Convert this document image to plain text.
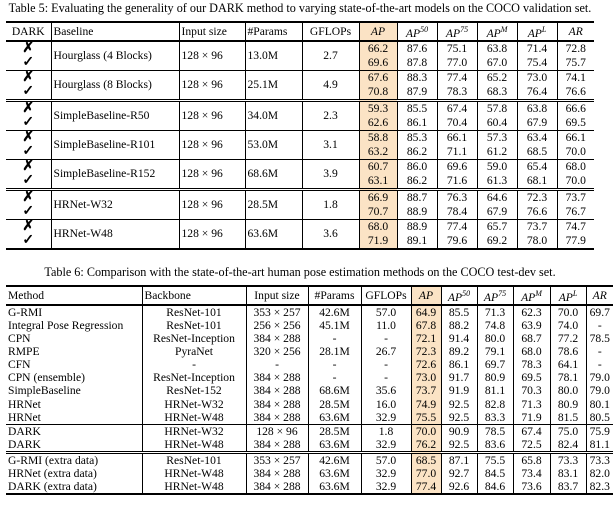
Table 5: Evaluating the generality of our DARK method to varying state-of-the-art models on the COCO validation set.
DARK	Baseline	Input size	#Params	GFLOPs	AP	AP$^{50}$	AP$^{75}$	$AP^M$	$AP^L$	AR
✗	Hourglass (4 Blocks)	128 × 96	13.0M	2.7	66.2	87.6	75.1	63.8	71.4	72.8
✓					69.6	87.8	77.0	67.0	75.4	75.7
✗	Hourglass (8 Blocks)	128 × 96	25.1M	4.9	67.6	88.3	77.4	65.2	73.0	74.1
✓					70.8	87.9	78.3	68.3	76.4	76.6
✗	SimpleBaseline-R50	128 × 96	34.0M	2.3	59.3	85.5	67.4	57.8	63.8	66.6
✓					62.6	86.1	70.4	60.4	67.9	69.5
✗	SimpleBaseline-R101	128 × 96	53.0M	3.1	58.8	85.3	66.1	57.3	63.4	66.1
✓					63.2	86.2	71.1	61.2	68.5	70.0
✗	SimpleBaseline-R152	128 × 96	68.6M	3.9	60.7	86.0	69.6	59.0	65.4	68.0
✓					63.1	86.2	71.6	61.3	68.1	70.0
✗	HRNet-W32	128 × 96	28.5M	1.8	66.9	88.7	76.3	64.6	72.3	73.7
✓					70.7	88.9	78.4	67.9	76.6	76.7
✗	HRNet-W48	128 × 96	63.6M	3.6	68.0	88.9	77.4	65.7	73.7	74.7
✓					71.9	89.1	79.6	69.2	78.0	77.9
Table 6: Comparison with the state-of-the-art human pose estimation methods on the COCO test-dev set.
Method	Backbone	Input size	#Params	GFLOPs	AP	AP$^{50}$	AP$^{75}$	$AP^M$	$AP^L$	AR
G-RMI	ResNet-101	353 × 257	42.6M	57.0	64.9	85.5	71.3	62.3	70.0	69.7
Integral Pose Regression	ResNet-101	256 × 256	45.1M	11.0	67.8	88.2	74.8	63.9	74.0	-
CPN	ResNet-Inception	384 × 288	-	-	72.1	91.4	80.0	68.7	77.2	78.5
RMPE	PyraNet	320 × 256	28.1M	26.7	72.3	89.2	79.1	68.0	78.6	-
CFN	-	-	-	-	72.6	86.1	69.7	78.3	64.1	-
CPN (ensemble)	ResNet-Inception	384 × 288	-	-	73.0	91.7	80.9	69.5	78.1	79.0
SimpleBaseline	ResNet-152	384 × 288	68.6M	35.6	73.7	91.9	81.1	70.3	80.0	79.0
HRNet	HRNet-W32	384 × 288	28.5M	16.0	74.9	92.5	82.8	71.3	80.9	80.1
HRNet	HRNet-W48	384 × 288	63.6M	32.9	75.5	92.5	83.3	71.9	81.5	80.5
DARK	HRNet-W32	128 × 96	28.5M	1.8	70.0	90.9	78.5	67.4	75.0	75.9
DARK	HRNet-W48	384 × 288	63.6M	32.9	76.2	92.5	83.6	72.5	82.4	81.1
G-RMI (extra data)	ResNet-101	353 × 257	42.6M	57.0	68.5	87.1	75.5	65.8	73.3	73.3
HRNet (extra data)	HRNet-W48	384 × 288	63.6M	32.9	77.0	92.7	84.5	73.4	83.1	82.0
DARK (extra data)	HRNet-W48	384 × 288	63.6M	32.9	77.4	92.6	84.6	73.6	83.7	82.3
